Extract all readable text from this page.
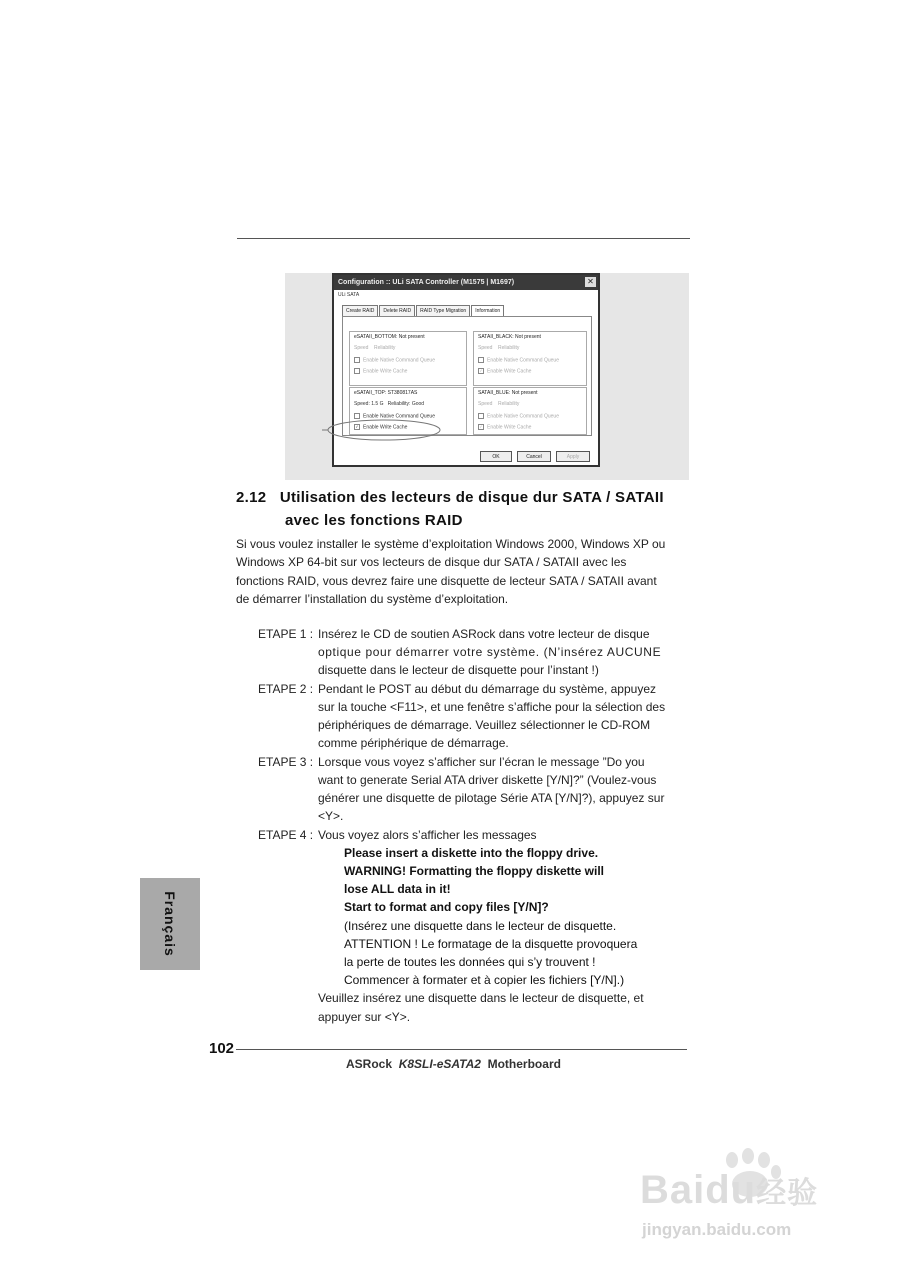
Configuration :: ULi SATA Controller (M1575 | M1697)	✕
ULi SATA
Create RAID	Delete RAID	RAID Type Migration	Information
eSATAII_BOTTOM: Not present
Speed Reliability
Enable Native Command Queue
Enable Write Cache
SATAII_BLACK: Not present
Speed Reliability
Enable Native Command Queue
✓ Enable Write Cache
eSATAII_TOP: ST380817AS
Speed: 1.5 G Reliability: Good
Enable Native Command Queue
✓ Enable Write Cache
SATAII_BLUE: Not present
Speed Reliability
Enable Native Command Queue
✓ Enable Write Cache
OK	Cancel	Apply
2.12 Utilisation des lecteurs de disque dur SATA / SATAII
avec les fonctions RAID
Si vous voulez installer le système d’exploitation Windows 2000, Windows XP ou
Windows XP 64-bit sur vos lecteurs de disque dur SATA / SATAII avec les
fonctions RAID, vous devrez faire une disquette de lecteur SATA / SATAII avant
de démarrer l’installation du système d’exploitation.
ETAPE 1 : Insérez le CD de soutien ASRock dans votre lecteur de disque
optique pour démarrer votre système. (N’insérez AUCUNE
disquette dans le lecteur de disquette pour l’instant !)
ETAPE 2 : Pendant le POST au début du démarrage du système, appuyez
sur la touche <F11>, et une fenêtre s’affiche pour la sélection des
périphériques de démarrage. Veuillez sélectionner le CD-ROM
comme périphérique de démarrage.
ETAPE 3 : Lorsque vous voyez s’afficher sur l’écran le message ”Do you
want to generate Serial ATA driver diskette [Y/N]?” (Voulez-vous
générer une disquette de pilotage Série ATA [Y/N]?), appuyez sur
<Y>.
ETAPE 4 : Vous voyez alors s’afficher les messages
Please insert a diskette into the floppy drive.
WARNING! Formatting the floppy diskette will
lose ALL data in it!
Start to format and copy files [Y/N]?
(Insérez une disquette dans le lecteur de disquette.
ATTENTION ! Le formatage de la disquette provoquera
la perte de toutes les données qui s’y trouvent !
Commencer à formater et à copier les fichiers [Y/N].)
Veuillez insérez une disquette dans le lecteur de disquette, et
appuyer sur <Y>.
Français
102
ASRock K8SLI-eSATA2 Motherboard
Baidu经验
jingyan.baidu.com
